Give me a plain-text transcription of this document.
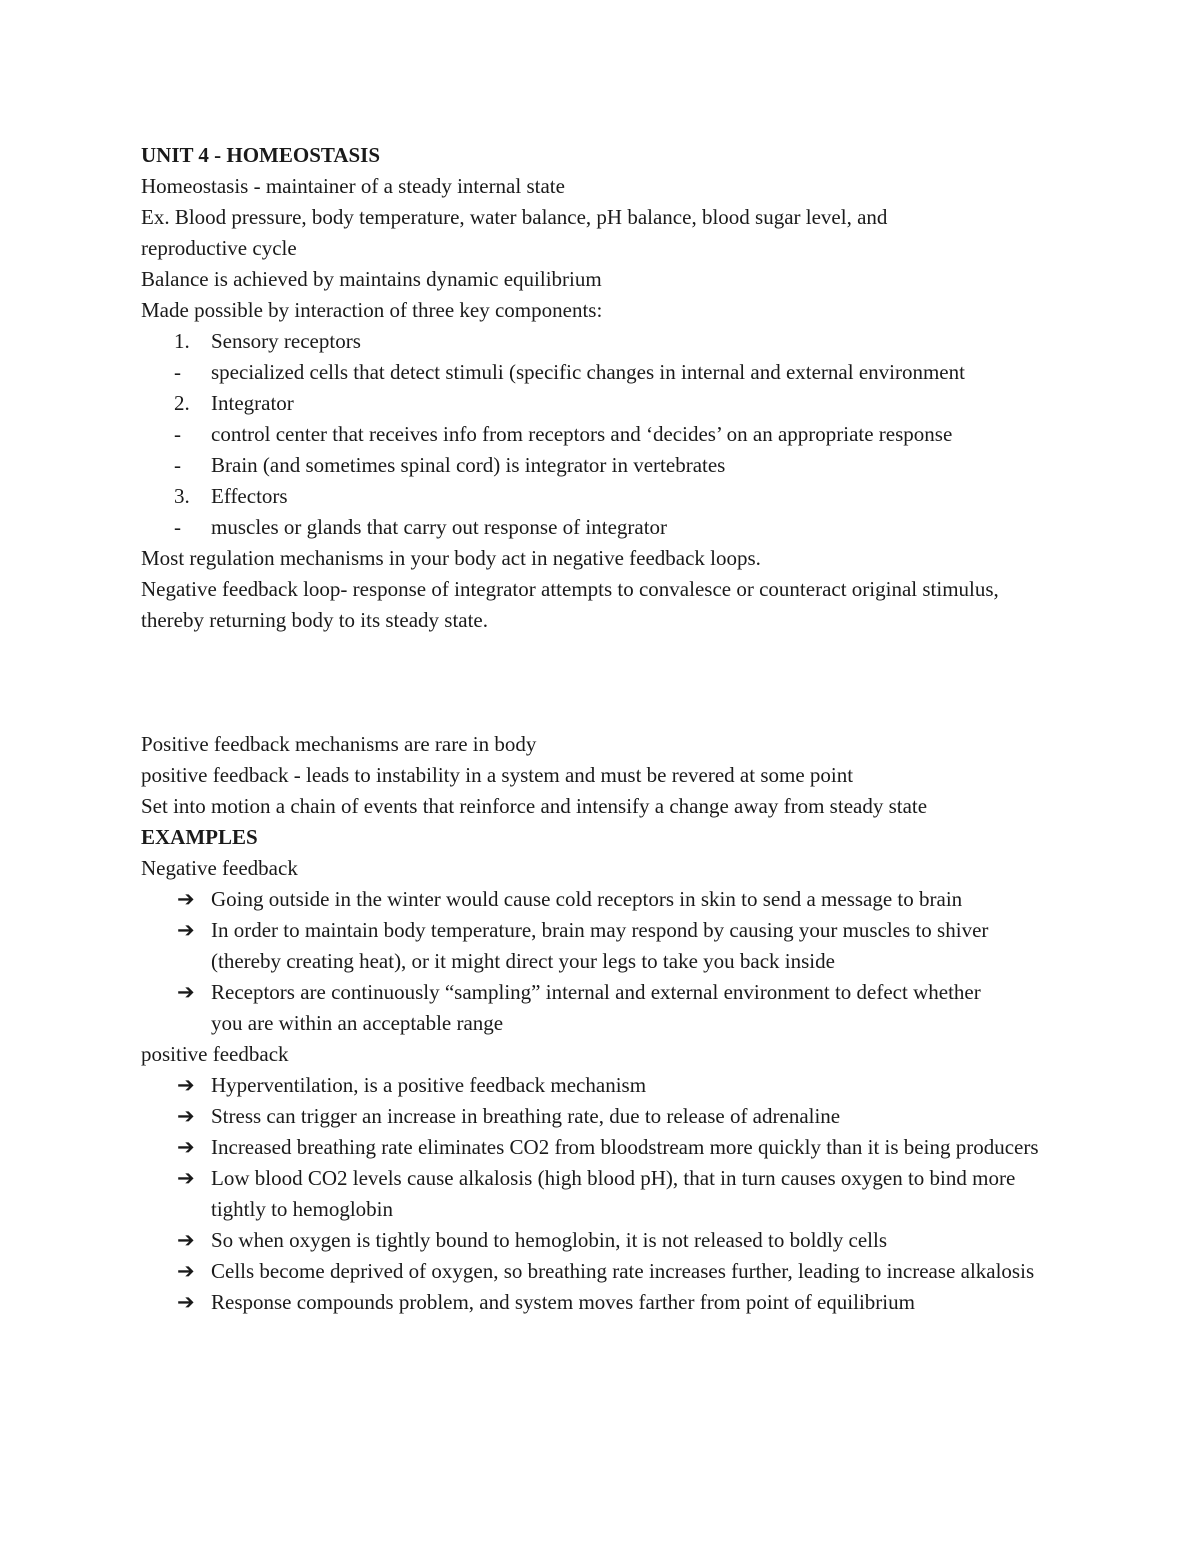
UNIT 4 - HOMEOSTASIS
Homeostasis - maintainer of a steady internal state
Ex. Blood pressure, body temperature, water balance, pH balance, blood sugar level, and reproductive cycle
Balance is achieved by maintains dynamic equilibrium
Made possible by interaction of three key components:
1.	Sensory receptors
-	specialized cells that detect stimuli (specific changes in internal and external environment
2.	Integrator
-	control center that receives info from receptors and ‘decides’ on an appropriate response
-	Brain (and sometimes spinal cord) is integrator in vertebrates
3.	Effectors
-	muscles or glands that carry out response of integrator
Most regulation mechanisms in your body act in negative feedback loops.
Negative feedback loop- response of integrator attempts to convalesce or counteract original stimulus, thereby returning body to its steady state.
Positive feedback mechanisms are rare in body
positive feedback - leads to instability in a system and must be revered at some point
Set into motion a chain of events that reinforce and intensify a change away from steady state
EXAMPLES
Negative feedback
➔ Going outside in the winter would cause cold receptors in skin to send a message to brain
➔ In order to maintain body temperature, brain may respond by causing your muscles to shiver (thereby creating heat), or it might direct your legs to take you back inside
➔ Receptors are continuously “sampling” internal and external environment to defect whether you are within an acceptable range
positive feedback
➔ Hyperventilation, is a positive feedback mechanism
➔ Stress can trigger an increase in breathing rate, due to release of adrenaline
➔ Increased breathing rate eliminates CO2 from bloodstream more quickly than it is being producers
➔ Low blood CO2 levels cause alkalosis (high blood pH), that in turn causes oxygen to bind more tightly to hemoglobin
➔ So when oxygen is tightly bound to hemoglobin, it is not released to boldly cells
➔ Cells become deprived of oxygen, so breathing rate increases further, leading to increase alkalosis
➔ Response compounds problem, and system moves farther from point of equilibrium
